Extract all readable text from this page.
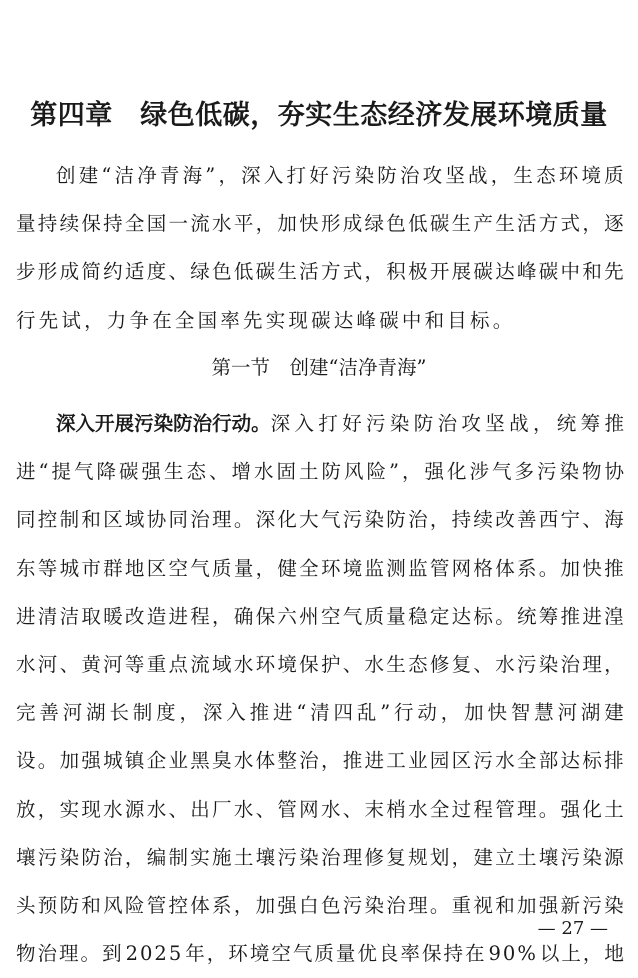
第四章　绿色低碳，夯实生态经济发展环境质量
创 建 “ 洁 净 青 海 ” ， 深 入 打 好 污 染 防 治 攻 坚 战 ， 生 态 环 境 质
量 持 续 保 持 全 国 一 流 水 平 ， 加 快 形 成 绿 色 低 碳 生 产 生 活 方 式 ， 逐
步 形 成 简 约 适 度 、 绿 色 低 碳 生 活 方 式 ， 积 极 开 展 碳 达 峰 碳 中 和 先
行先试，力争在全国率先实现碳达峰碳中和目标。
第一节　创建“洁净青海”
深 入 开 展 污 染 防 治 行 动 。 深 入 打 好 污 染 防 治 攻 坚 战 ， 统 筹 推
进 “ 提 气 降 碳 强 生 态 、 增 水 固 土 防 风 险 ” ， 强 化 涉 气 多 污 染 物 协
同 控 制 和 区 域 协 同 治 理 。 深 化 大 气 污 染 防 治 ， 持 续 改 善 西 宁 、 海
东 等 城 市 群 地 区 空 气 质 量 ， 健 全 环 境 监 测 监 管 网 格 体 系 。 加 快 推
进 清 洁 取 暖 改 造 进 程 ， 确 保 六 州 空 气 质 量 稳 定 达 标 。 统 筹 推 进 湟
水 河 、 黄 河 等 重 点 流 域 水 环 境 保 护 、 水 生 态 修 复 、 水 污 染 治 理 ，
完 善 河 湖 长 制 度 ， 深 入 推 进 “ 清 四 乱 ” 行 动 ， 加 快 智 慧 河 湖 建
设 。 加 强 城 镇 企 业 黑 臭 水 体 整 治 ， 推 进 工 业 园 区 污 水 全 部 达 标 排
放 ， 实 现 水 源 水 、 出 厂 水 、 管 网 水 、 末 梢 水 全 过 程 管 理 。 强 化 土
壤 污 染 防 治 ， 编 制 实 施 土 壤 污 染 治 理 修 复 规 划 ， 建 立 土 壤 污 染 源
头 预 防 和 风 险 管 控 体 系 ， 加 强 白 色 污 染 治 理 。 重 视 和 加 强 新 污 染
物 治 理 。 到 2 0 2 5 年 ， 环 境 空 气 质 量 优 良 率 保 持 在 9 0 % 以 上 ， 地
— 27 —
